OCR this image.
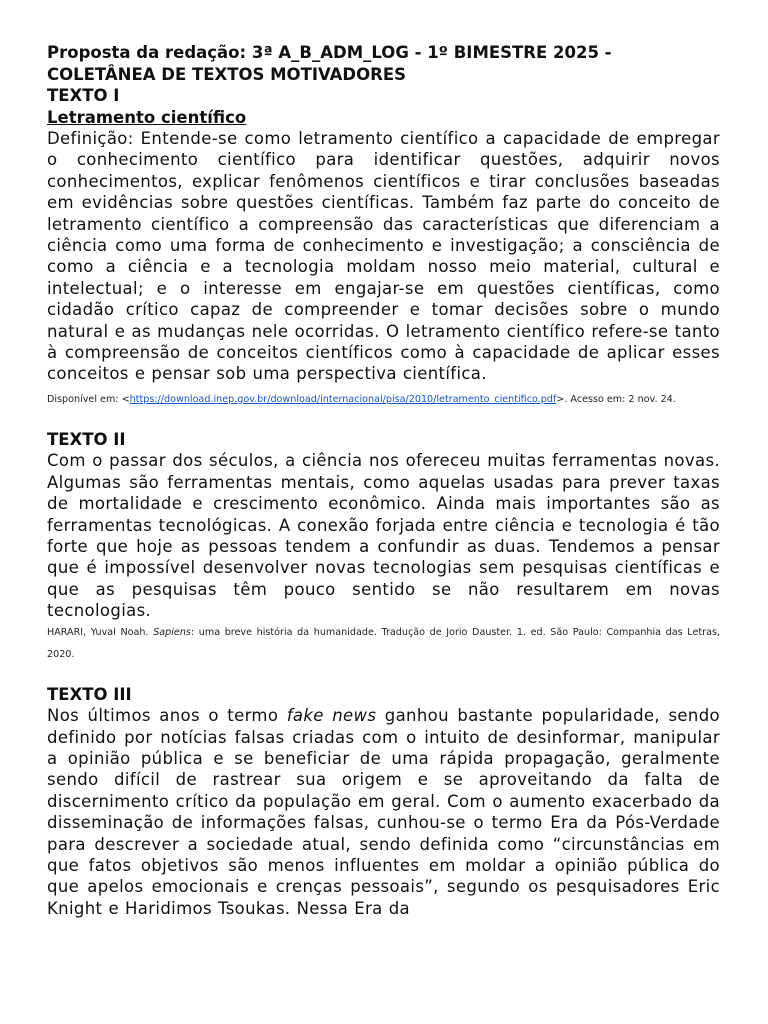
Proposta da redação: 3ª A_B_ADM_LOG - 1º BIMESTRE 2025 -

COLETÂNEA DE TEXTOS MOTIVADORES

TEXTO I

Letramento científico

Definição: Entende-se como letramento científico a capacidade de empregar o conhecimento científico para identificar questões, adquirir novos conhecimentos, explicar fenômenos científicos e tirar conclusões baseadas em evidências sobre questões científicas. Também faz parte do conceito de letramento científico a compreensão das características que diferenciam a ciência como uma forma de conhecimento e investigação; a consciência de como a ciência e a tecnologia moldam nosso meio material, cultural e intelectual; e o interesse em engajar-se em questões científicas, como cidadão crítico capaz de compreender e tomar decisões sobre o mundo natural e as mudanças nele ocorridas. O letramento científico refere-se tanto à compreensão de conceitos científicos como à capacidade de aplicar esses conceitos e pensar sob uma perspectiva científica.

Disponível em: <https://download.inep.gov.br/download/internacional/pisa/2010/letramento_cientifico.pdf>. Acesso em: 2 nov. 24.

TEXTO II

Com o passar dos séculos, a ciência nos ofereceu muitas ferramentas novas. Algumas são ferramentas mentais, como aquelas usadas para prever taxas de mortalidade e crescimento econômico. Ainda mais importantes são as ferramentas tecnológicas. A conexão forjada entre ciência e tecnologia é tão forte que hoje as pessoas tendem a confundir as duas. Tendemos a pensar que é impossível desenvolver novas tecnologias sem pesquisas científicas e que as pesquisas têm pouco sentido se não resultarem em novas tecnologias.

HARARI, Yuval Noah. Sapiens: uma breve história da humanidade. Tradução de Jorio Dauster. 1. ed. São Paulo: Companhia das Letras, 2020.

TEXTO III

Nos últimos anos o termo fake news ganhou bastante popularidade, sendo definido por notícias falsas criadas com o intuito de desinformar, manipular a opinião pública e se beneficiar de uma rápida propagação, geralmente sendo difícil de rastrear sua origem e se aproveitando da falta de discernimento crítico da população em geral. Com o aumento exacerbado da disseminação de informações falsas, cunhou-se o termo Era da Pós-Verdade para descrever a sociedade atual, sendo definida como “circunstâncias em que fatos objetivos são menos influentes em moldar a opinião pública do que apelos emocionais e crenças pessoais”, segundo os pesquisadores Eric Knight e Haridimos Tsoukas. Nessa Era da
